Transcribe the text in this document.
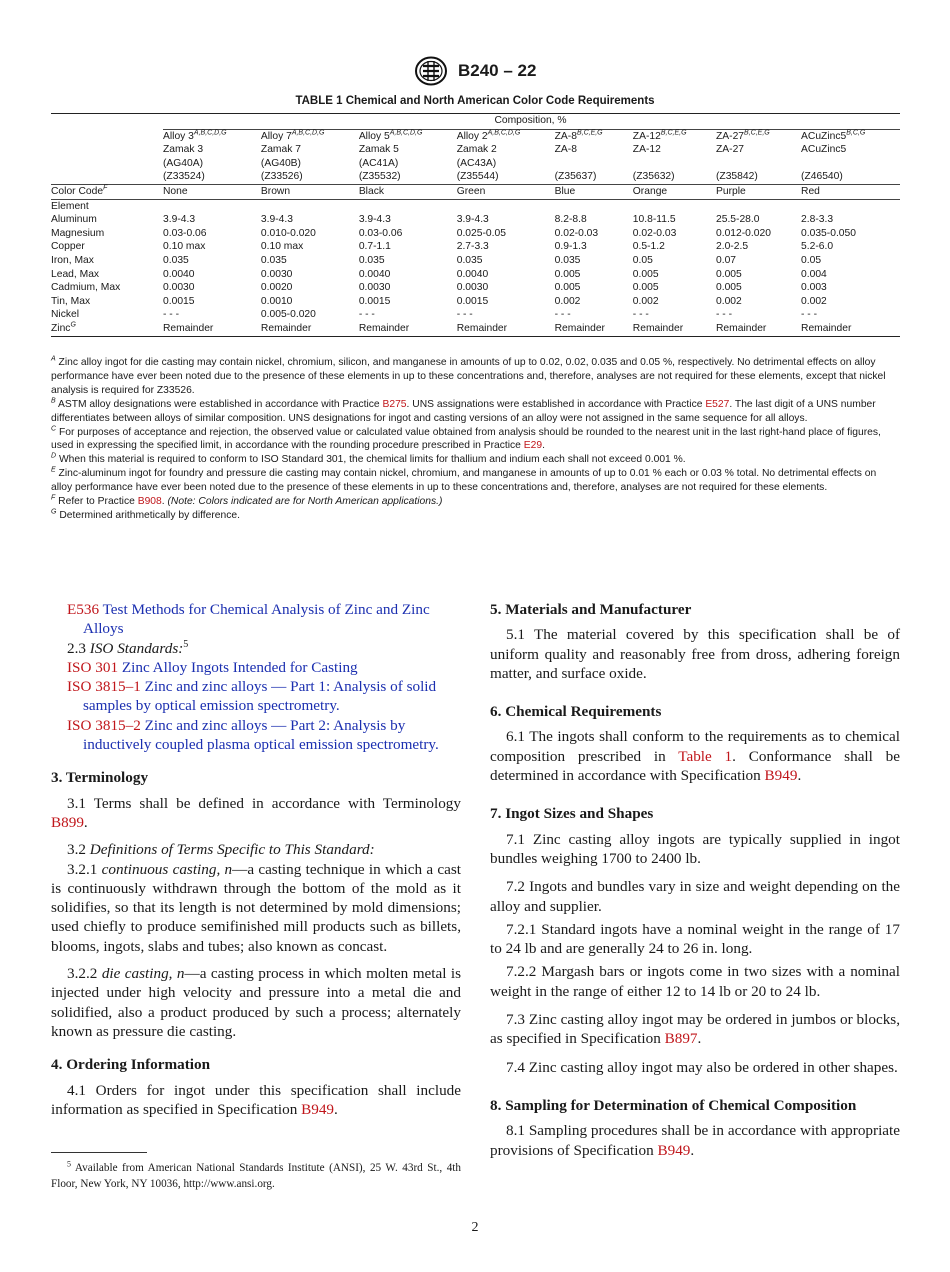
B240 – 22
TABLE 1 Chemical and North American Color Code Requirements
	Composition, %							
	Alloy $3^{A,B,C,D,G}$	Alloy $7^{A,B,C,D,G}$	Alloy $5^{A,B,C,D,G}$	Alloy $2^{A,B,C,D,G}$	$ZA-8^{B,C,E,G}$	$ZA-12^{B,C,E,G}$	$ZA-27^{B,C,E,G}$	$ACuZinc5^{B,C,G}$
	Zamak 3	Zamak 7	Zamak 5	Zamak 2	ZA-8	ZA-12	ZA-27	ACuZinc5
	(AG40A)	(AG40B)	(AC41A)	(AC43A)				
	(Z33524)	(Z33526)	(Z35532)	(Z35544)	(Z35637)	(Z35632)	(Z35842)	(Z46540)
Color Code$^F$	None	Brown	Black	Green	Blue	Orange	Purple	Red
Element								
Aluminum	3.9-4.3	3.9-4.3	3.9-4.3	3.9-4.3	8.2-8.8	10.8-11.5	25.5-28.0	2.8-3.3
Magnesium	0.03-0.06	0.010-0.020	0.03-0.06	0.025-0.05	0.02-0.03	0.02-0.03	0.012-0.020	0.035-0.050
Copper	0.10 max	0.10 max	0.7-1.1	2.7-3.3	0.9-1.3	0.5-1.2	2.0-2.5	5.2-6.0
Iron, Max	0.035	0.035	0.035	0.035	0.035	0.05	0.07	0.05
Lead, Max	0.0040	0.0030	0.0040	0.0040	0.005	0.005	0.005	0.004
Cadmium, Max	0.0030	0.0020	0.0030	0.0030	0.005	0.005	0.005	0.003
Tin, Max	0.0015	0.0010	0.0015	0.0015	0.002	0.002	0.002	0.002
Nickel	- - -	0.005-0.020	- - -	- - -	- - -	- - -	- - -	- - -
Zinc$^G$	Remainder	Remainder	Remainder	Remainder	Remainder	Remainder	Remainder	Remainder

$^A$ Zinc alloy ingot for die casting may contain nickel, chromium, silicon, and manganese in amounts of up to 0.02, 0.02, 0.035 and 0.05 %, respectively. No detrimental effects on alloy performance have ever been noted due to the presence of these elements in up to these concentrations and, therefore, analyses are not required for these elements, except that nickel analysis is required for Z33526.

$^B$ ASTM alloy designations were established in accordance with Practice B275. UNS assignations were established in accordance with Practice E527. The last digit of a UNS number differentiates between alloys of similar composition. UNS designations for ingot and casting versions of an alloy were not assigned in the same sequence for all alloys.

$^C$ For purposes of acceptance and rejection, the observed value or calculated value obtained from analysis should be rounded to the nearest unit in the last right-hand place of figures, used in expressing the specified limit, in accordance with the rounding procedure prescribed in Practice E29.

$^D$ When this material is required to conform to ISO Standard 301, the chemical limits for thallium and indium each shall not exceed 0.001 %.

$^E$ Zinc-aluminum ingot for foundry and pressure die casting may contain nickel, chromium, and manganese in amounts of up to 0.01 % each or 0.03 % total. No detrimental effects on alloy performance have ever been noted due to the presence of these elements in up to these concentrations and, therefore, analyses are not required for these elements.

$^F$ Refer to Practice B908. (Note: Colors indicated are for North American applications.)

$^G$ Determined arithmetically by difference.

E536 Test Methods for Chemical Analysis of Zinc and Zinc Alloys

2.3 ISO Standards:$^5$

ISO 301 Zinc Alloy Ingots Intended for Casting

ISO 3815–1 Zinc and zinc alloys — Part 1: Analysis of solid samples by optical emission spectrometry.

ISO 3815–2 Zinc and zinc alloys — Part 2: Analysis by inductively coupled plasma optical emission spectrometry.

3. Terminology

3.1 Terms shall be defined in accordance with Terminology B899.

3.2 Definitions of Terms Specific to This Standard:

3.2.1 continuous casting, n—a casting technique in which a cast is continuously withdrawn through the bottom of the mold as it solidifies, so that its length is not determined by mold dimensions; used chiefly to produce semifinished mill products such as billets, blooms, ingots, slabs and tubes; also known as concast.

3.2.2 die casting, n—a casting process in which molten metal is injected under high velocity and pressure into a metal die and solidified, also a product produced by such a process; alternately known as pressure die casting.

4. Ordering Information

4.1 Orders for ingot under this specification shall include information as specified in Specification B949.

$^5$ Available from American National Standards Institute (ANSI), 25 W. 43rd St., 4th Floor, New York, NY 10036, http://www.ansi.org.
5. Materials and Manufacturer

5.1 The material covered by this specification shall be of uniform quality and reasonably free from dross, adhering foreign matter, and surface oxide.

6. Chemical Requirements

6.1 The ingots shall conform to the requirements as to chemical composition prescribed in Table 1. Conformance shall be determined in accordance with Specification B949.

7. Ingot Sizes and Shapes

7.1 Zinc casting alloy ingots are typically supplied in ingot bundles weighing 1700 to 2400 lb.

7.2 Ingots and bundles vary in size and weight depending on the alloy and supplier.

7.2.1 Standard ingots have a nominal weight in the range of 17 to 24 lb and are generally 24 to 26 in. long.

7.2.2 Margash bars or ingots come in two sizes with a nominal weight in the range of either 12 to 14 lb or 20 to 24 lb.

7.3 Zinc casting alloy ingot may be ordered in jumbos or blocks, as specified in Specification B897.

7.4 Zinc casting alloy ingot may also be ordered in other shapes.

8. Sampling for Determination of Chemical Composition

8.1 Sampling procedures shall be in accordance with appropriate provisions of Specification B949.

2
